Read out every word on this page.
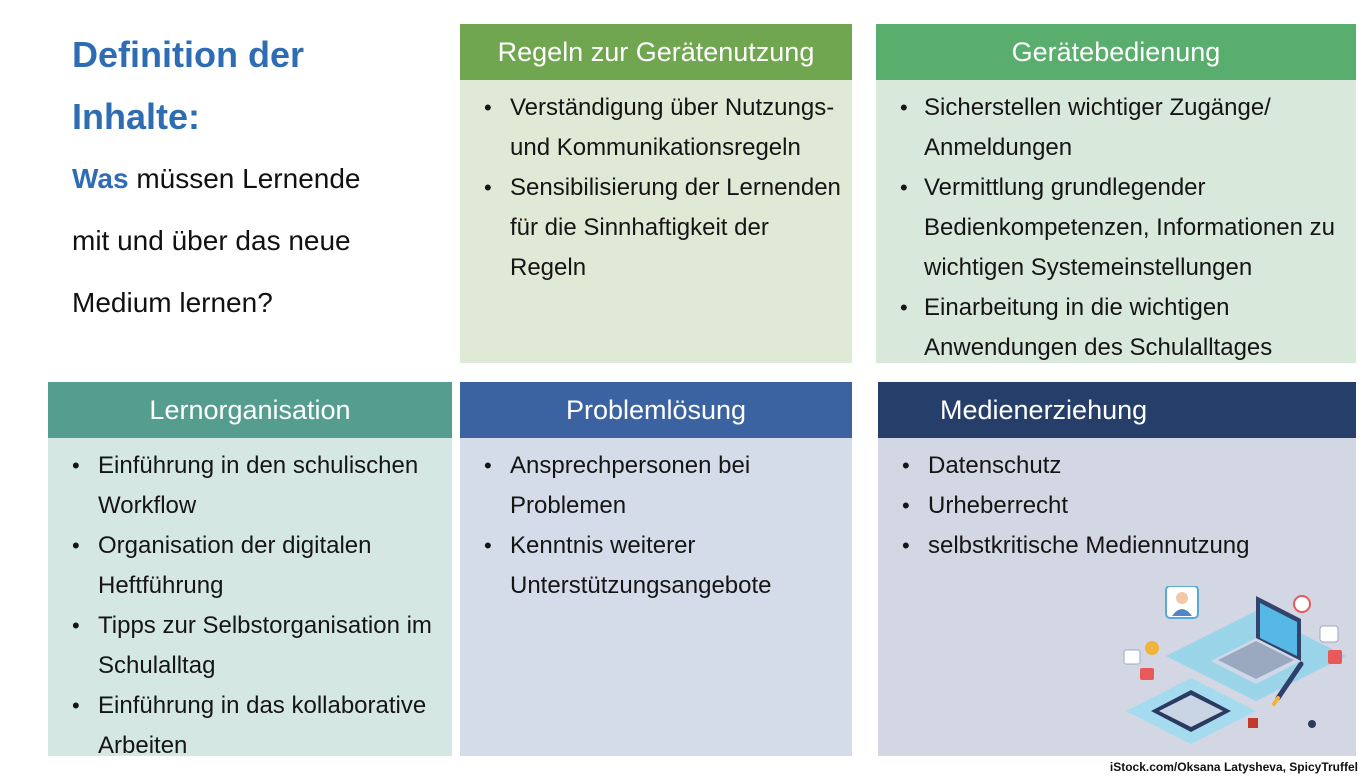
Definition der
Inhalte:

Was müssen Lernende
mit und über das neue
Medium lernen?

Regeln zur Gerätenutzung
• Verständigung über Nutzungs- und Kommunikationsregeln
• Sensibilisierung der Lernenden für die Sinnhaftigkeit der Regeln
Gerätebedienung
• Sicherstellen wichtiger Zugänge/ Anmeldungen
• Vermittlung grundlegender Bedienkompetenzen, Informationen zu wichtigen Systemeinstellungen
• Einarbeitung in die wichtigen Anwendungen des Schulalltages
Lernorganisation
• Einführung in den schulischen Workflow
• Organisation der digitalen Heftführung
• Tipps zur Selbstorganisation im Schulalltag
• Einführung in das kollaborative Arbeiten
Problemlösung
• Ansprechpersonen bei Problemen
• Kenntnis weiterer Unterstützungsangebote
Medienerziehung
• Datenschutz
• Urheberrecht
• selbstkritische Mediennutzung
iStock.com/Oksana Latysheva, SpicyTruffel
